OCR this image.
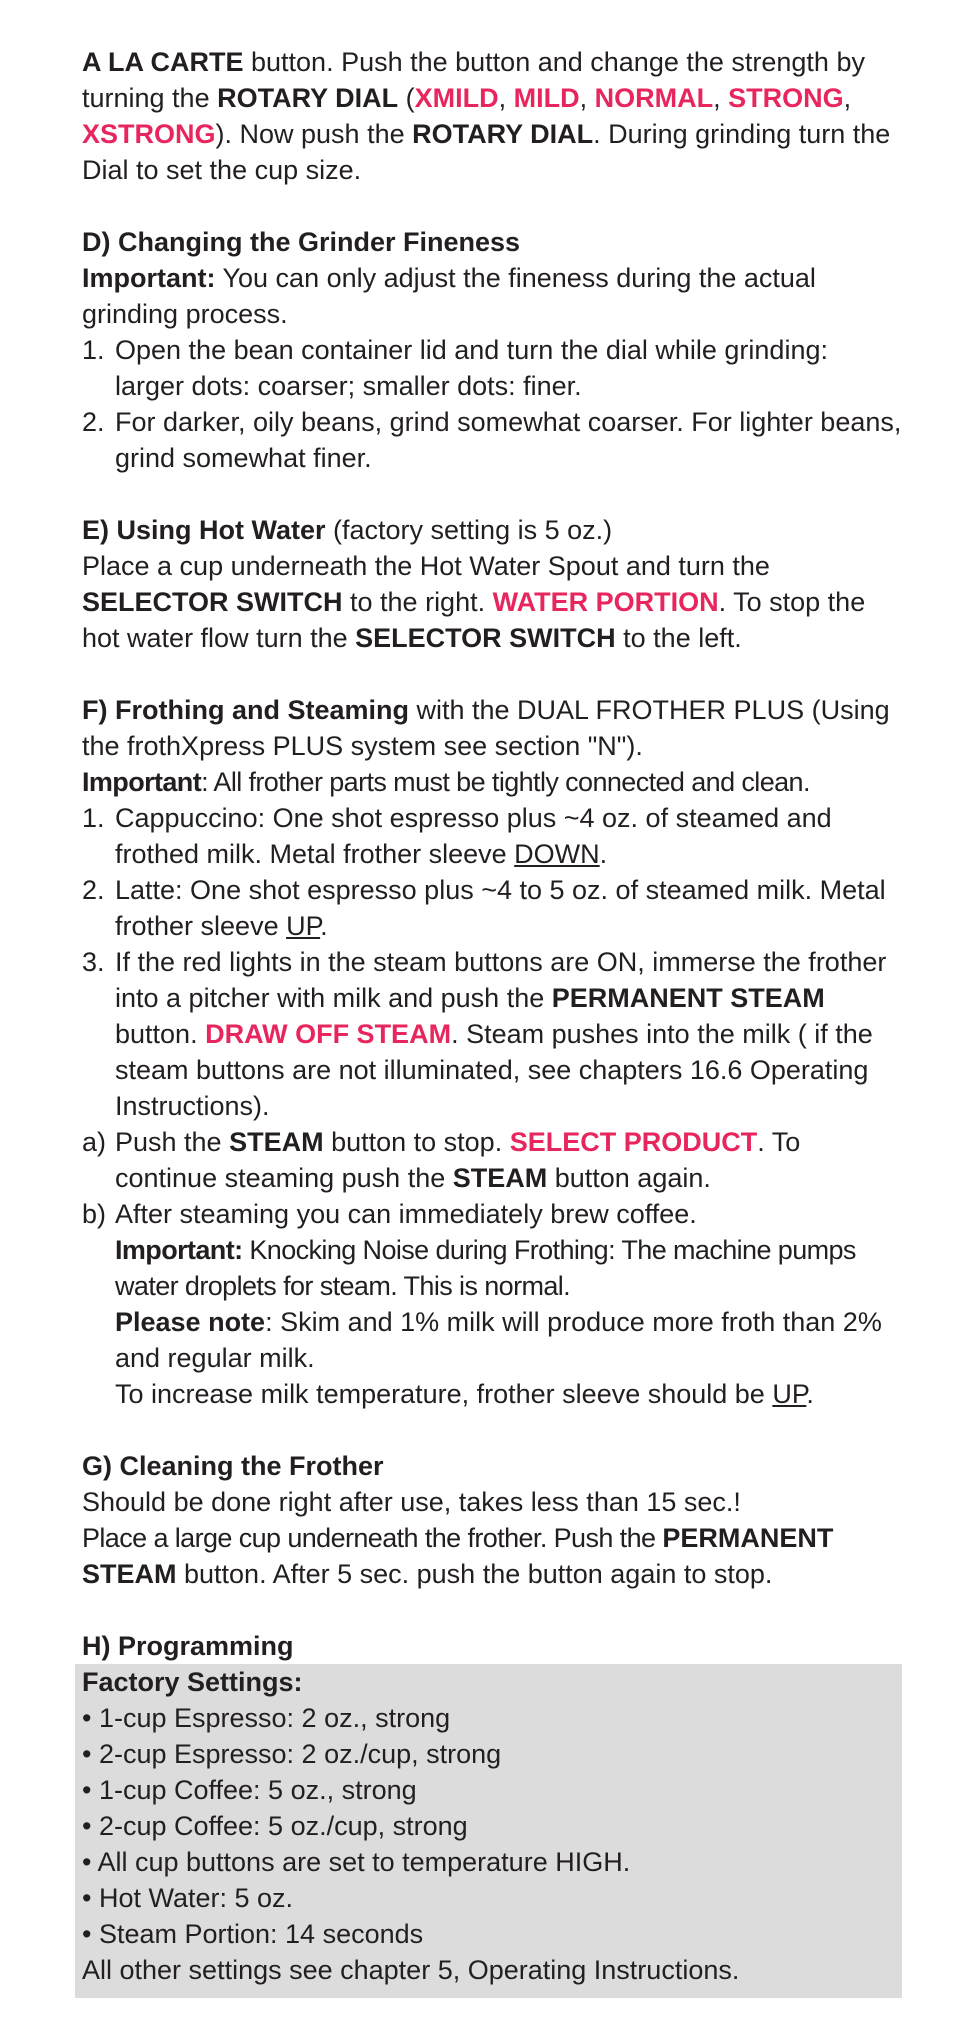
A LA CARTE button. Push the button and change the strength by turning the ROTARY DIAL (XMILD, MILD, NORMAL, STRONG, XSTRONG). Now push the ROTARY DIAL. During grinding turn the Dial to set the cup size.

D) Changing the Grinder Fineness

Important: You can only adjust the fineness during the actual grinding process.

1. Open the bean container lid and turn the dial while grinding: larger dots: coarser; smaller dots: finer.
2. For darker, oily beans, grind somewhat coarser. For lighter beans, grind somewhat finer.

E) Using Hot Water (factory setting is 5 oz.)

Place a cup underneath the Hot Water Spout and turn the SELECTOR SWITCH to the right. WATER PORTION. To stop the hot water flow turn the SELECTOR SWITCH to the left.

F) Frothing and Steaming with the DUAL FROTHER PLUS (Using the frothXpress PLUS system see section "N").

Important: All frother parts must be tightly connected and clean.

1. Cappuccino: One shot espresso plus ~4 oz. of steamed and frothed milk. Metal frother sleeve DOWN.
2. Latte: One shot espresso plus ~4 to 5 oz. of steamed milk. Metal frother sleeve UP.
3. If the red lights in the steam buttons are ON, immerse the frother into a pitcher with milk and push the PERMANENT STEAM button. DRAW OFF STEAM. Steam pushes into the milk ( if the steam buttons are not illuminated, see chapters 16.6 Operating Instructions).
a) Push the STEAM button to stop. SELECT PRODUCT. To continue steaming push the STEAM button again.
b) After steaming you can immediately brew coffee.
Important: Knocking Noise during Frothing: The machine pumps water droplets for steam. This is normal.
Please note: Skim and 1% milk will produce more froth than 2% and regular milk.
To increase milk temperature, frother sleeve should be UP.

G) Cleaning the Frother

Should be done right after use, takes less than 15 sec.!

Place a large cup underneath the frother. Push the PERMANENT STEAM button. After 5 sec. push the button again to stop.

H) Programming

Factory Settings:

• 1-cup Espresso: 2 oz., strong

• 2-cup Espresso: 2 oz./cup, strong

• 1-cup Coffee: 5 oz., strong

• 2-cup Coffee: 5 oz./cup, strong

• All cup buttons are set to temperature HIGH.

• Hot Water: 5 oz.

• Steam Portion: 14 seconds

All other settings see chapter 5, Operating Instructions.
